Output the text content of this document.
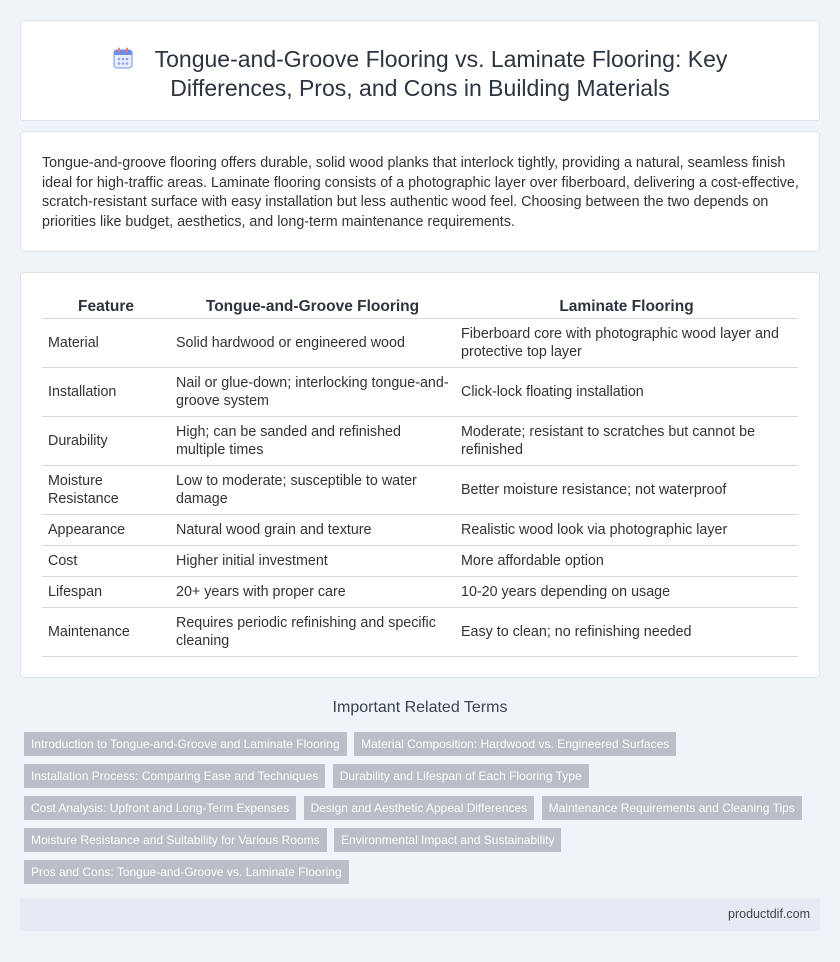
Tongue-and-Groove Flooring vs. Laminate Flooring: Key
Differences, Pros, and Cons in Building Materials

Tongue-and-groove flooring offers durable, solid wood planks that interlock tightly, providing a natural, seamless finish ideal for high-traffic areas. Laminate flooring consists of a photographic layer over fiberboard, delivering a cost-effective, scratch-resistant surface with easy installation but less authentic wood feel. Choosing between the two depends on priorities like budget, aesthetics, and long-term maintenance requirements.

Feature	Tongue-and-Groove Flooring	Laminate Flooring
Material	Solid hardwood or engineered wood	Fiberboard core with photographic wood layer and protective top layer
Installation	Nail or glue-down; interlocking tongue-and-groove system	Click-lock floating installation
Durability	High; can be sanded and refinished multiple times	Moderate; resistant to scratches but cannot be refinished
Moisture Resistance	Low to moderate; susceptible to water damage	Better moisture resistance; not waterproof
Appearance	Natural wood grain and texture	Realistic wood look via photographic layer
Cost	Higher initial investment	More affordable option
Lifespan	20+ years with proper care	10-20 years depending on usage
Maintenance	Requires periodic refinishing and specific cleaning	Easy to clean; no refinishing needed
Important Related Terms
Introduction to Tongue-and-Groove and Laminate Flooring Material Composition: Hardwood vs. Engineered Surfaces
Installation Process: Comparing Ease and Techniques Durability and Lifespan of Each Flooring Type
Cost Analysis: Upfront and Long-Term Expenses Design and Aesthetic Appeal Differences Maintenance Requirements and Cleaning Tips
Moisture Resistance and Suitability for Various Rooms Environmental Impact and Sustainability
Pros and Cons: Tongue-and-Groove vs. Laminate Flooring
productdif.com
